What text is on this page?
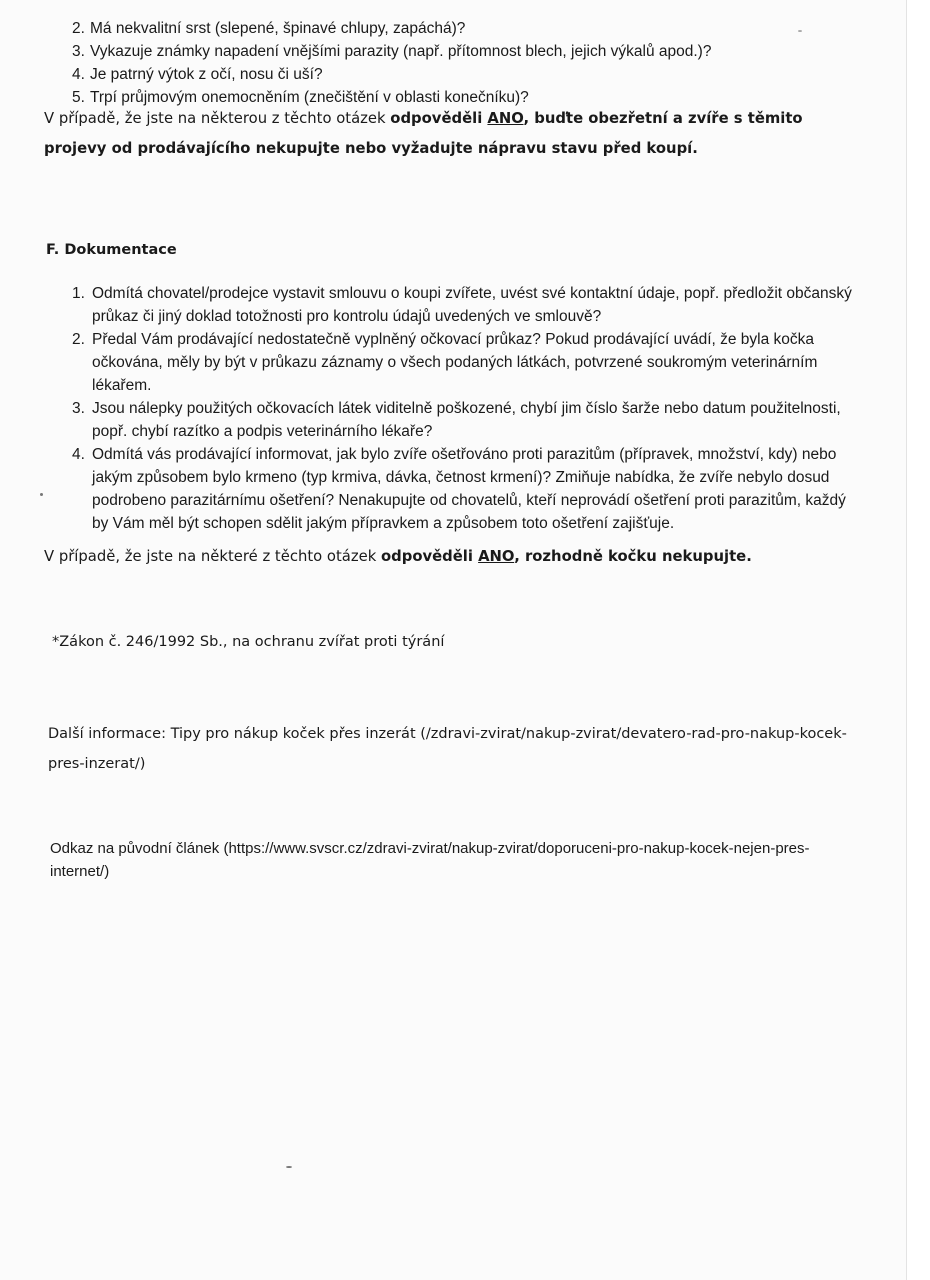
2. Má nekvalitní srst (slepené, špinavé chlupy, zapáchá)?
3. Vykazuje známky napadení vnějšími parazity (např. přítomnost blech, jejich výkalů apod.)?
4. Je patrný výtok z očí, nosu či uší?
5. Trpí průjmovým onemocněním (znečištění v oblasti konečníku)?

V případě, že jste na některou z těchto otázek odpověděli ANO, buďte obezřetní a zvíře s těmito projevy od prodávajícího nekupujte nebo vyžadujte nápravu stavu před koupí.

F. Dokumentace
1. Odmítá chovatel/prodejce vystavit smlouvu o koupi zvířete, uvést své kontaktní údaje, popř. předložit občanský průkaz či jiný doklad totožnosti pro kontrolu údajů uvedených ve smlouvě?
2. Předal Vám prodávající nedostatečně vyplněný očkovací průkaz? Pokud prodávající uvádí, že byla kočka očkována, měly by být v průkazu záznamy o všech podaných látkách, potvrzené soukromým veterinárním lékařem.
3. Jsou nálepky použitých očkovacích látek viditelně poškozené, chybí jim číslo šarže nebo datum použitelnosti, popř. chybí razítko a podpis veterinárního lékaře?
4. Odmítá vás prodávající informovat, jak bylo zvíře ošetřováno proti parazitům (přípravek, množství, kdy) nebo jakým způsobem bylo krmeno (typ krmiva, dávka, četnost krmení)? Zmiňuje nabídka, že zvíře nebylo dosud podrobeno parazitárnímu ošetření? Nenakupujte od chovatelů, kteří neprovádí ošetření proti parazitům, každý by Vám měl být schopen sdělit jakým přípravkem a způsobem toto ošetření zajišťuje.

V případě, že jste na některé z těchto otázek odpověděli ANO, rozhodně kočku nekupujte.

*Zákon č. 246/1992 Sb., na ochranu zvířat proti týrání
Další informace: Tipy pro nákup koček přes inzerát (/zdravi-zvirat/nakup-zvirat/devatero-rad-pro-nakup-kocek-pres-inzerat/)
Odkaz na původní článek (https://www.svscr.cz/zdravi-zvirat/nakup-zvirat/doporuceni-pro-nakup-kocek-nejen-pres-internet/)
